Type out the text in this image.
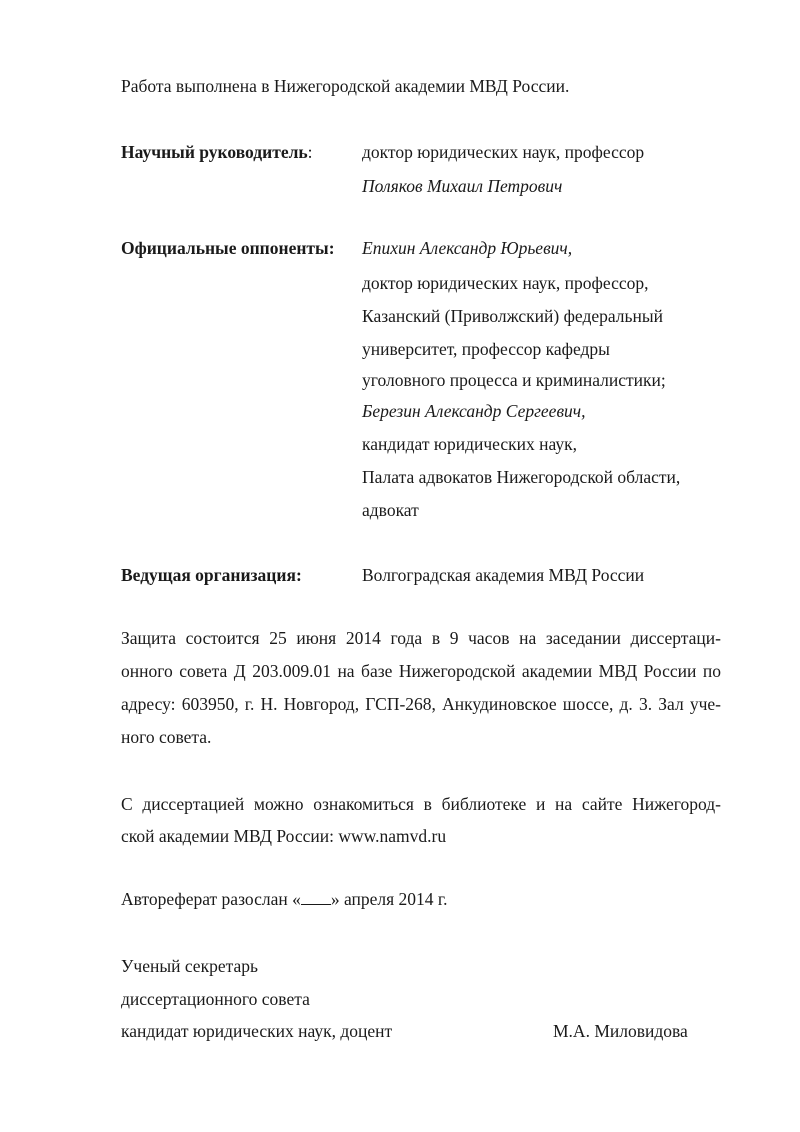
Работа выполнена в Нижегородской академии МВД России.
Научный руководитель:	доктор юридических наук, профессор
Поляков Михаил Петрович
Официальные оппоненты: Епихин Александр Юрьевич,
доктор юридических наук, профессор,
Казанский (Приволжский) федеральный
университет, профессор кафедры
уголовного процесса и криминалистики;
Березин Александр Сергеевич,
кандидат юридических наук,
Палата адвокатов Нижегородской области,
адвокат
Ведущая организация:	Волгоградская академия МВД России
Защита состоится 25 июня 2014 года в 9 часов на заседании диссертаци-
онного совета Д 203.009.01 на базе Нижегородской академии МВД России по
адресу: 603950, г. Н. Новгород, ГСП-268, Анкудиновское шоссе, д. 3. Зал уче-
ного совета.
С диссертацией можно ознакомиться в библиотеке и на сайте Нижегород-
ской академии МВД России: www.namvd.ru
Автореферат разослан « » апреля 2014 г.
Ученый секретарь
диссертационного совета
кандидат юридических наук, доцент	М.А. Миловидова
